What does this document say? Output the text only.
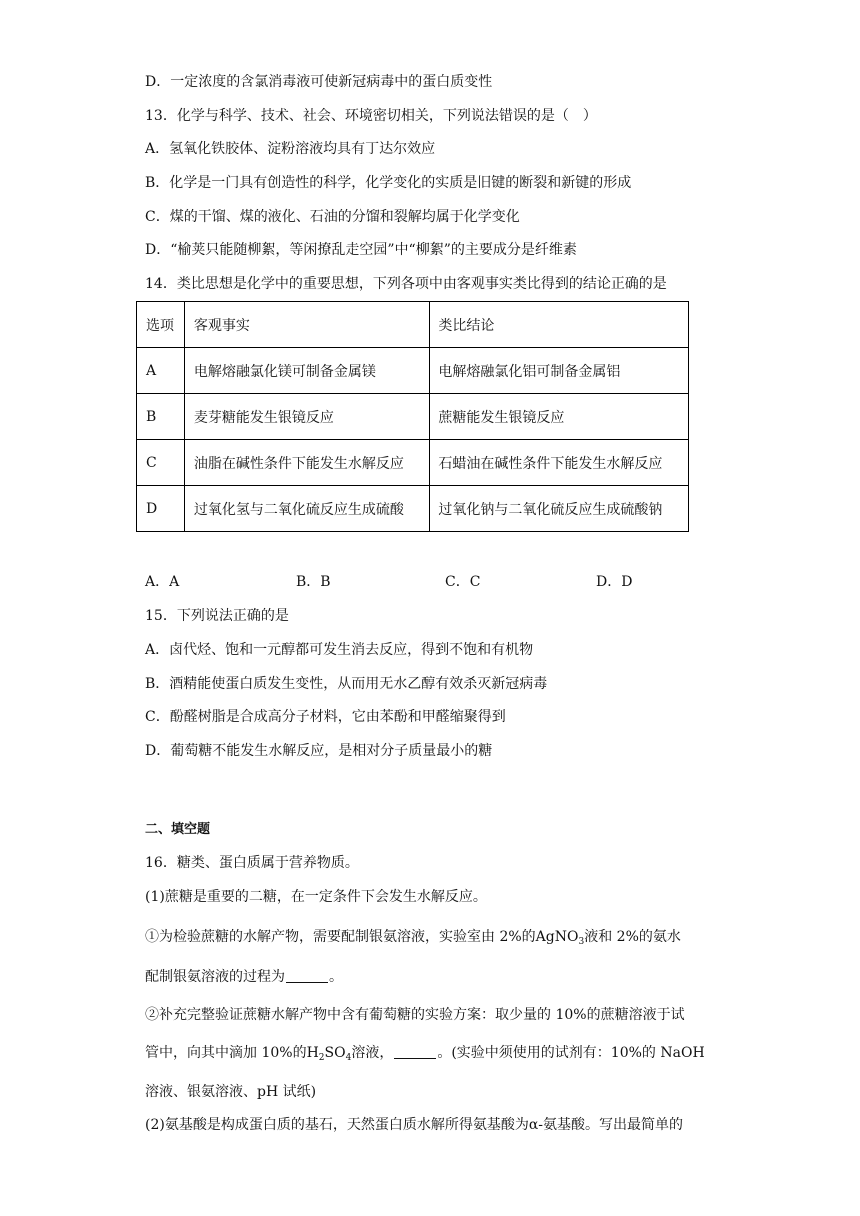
D．一定浓度的含氯消毒液可使新冠病毒中的蛋白质变性
13．化学与科学、技术、社会、环境密切相关，下列说法错误的是（　）
A．氢氧化铁胶体、淀粉溶液均具有丁达尔效应
B．化学是一门具有创造性的科学，化学变化的实质是旧键的断裂和新键的形成
C．煤的干馏、煤的液化、石油的分馏和裂解均属于化学变化
D．“榆荚只能随柳絮，等闲撩乱走空园”中“柳絮”的主要成分是纤维素
14．类比思想是化学中的重要思想，下列各项中由客观事实类比得到的结论正确的是
选项	客观事实	类比结论
A	电解熔融氯化镁可制备金属镁	电解熔融氯化铝可制备金属铝
B	麦芽糖能发生银镜反应	蔗糖能发生银镜反应
C	油脂在碱性条件下能发生水解反应	石蜡油在碱性条件下能发生水解反应
D	过氧化氢与二氧化硫反应生成硫酸	过氧化钠与二氧化硫反应生成硫酸钠
A．A	B．B	C．C	D．D
15．下列说法正确的是
A．卤代烃、饱和一元醇都可发生消去反应，得到不饱和有机物
B．酒精能使蛋白质发生变性，从而用无水乙醇有效杀灭新冠病毒
C．酚醛树脂是合成高分子材料，它由苯酚和甲醛缩聚得到
D．葡萄糖不能发生水解反应，是相对分子质量最小的糖
二、填空题
16．糖类、蛋白质属于营养物质。
(1)蔗糖是重要的二糖，在一定条件下会发生水解反应。
①为检验蔗糖的水解产物，需要配制银氨溶液，实验室由 2%的AgNO$_3$液和 2%的氨水
配制银氨溶液的过程为	。
②补充完整验证蔗糖水解产物中含有葡萄糖的实验方案：取少量的 10%的蔗糖溶液于试
管中，向其中滴加 10%的$H_2SO_4$溶液，	。(实验中须使用的试剂有：10%的 NaOH
溶液、银氨溶液、pH 试纸)
(2)氨基酸是构成蛋白质的基石，天然蛋白质水解所得氨基酸为α-氨基酸。写出最简单的
